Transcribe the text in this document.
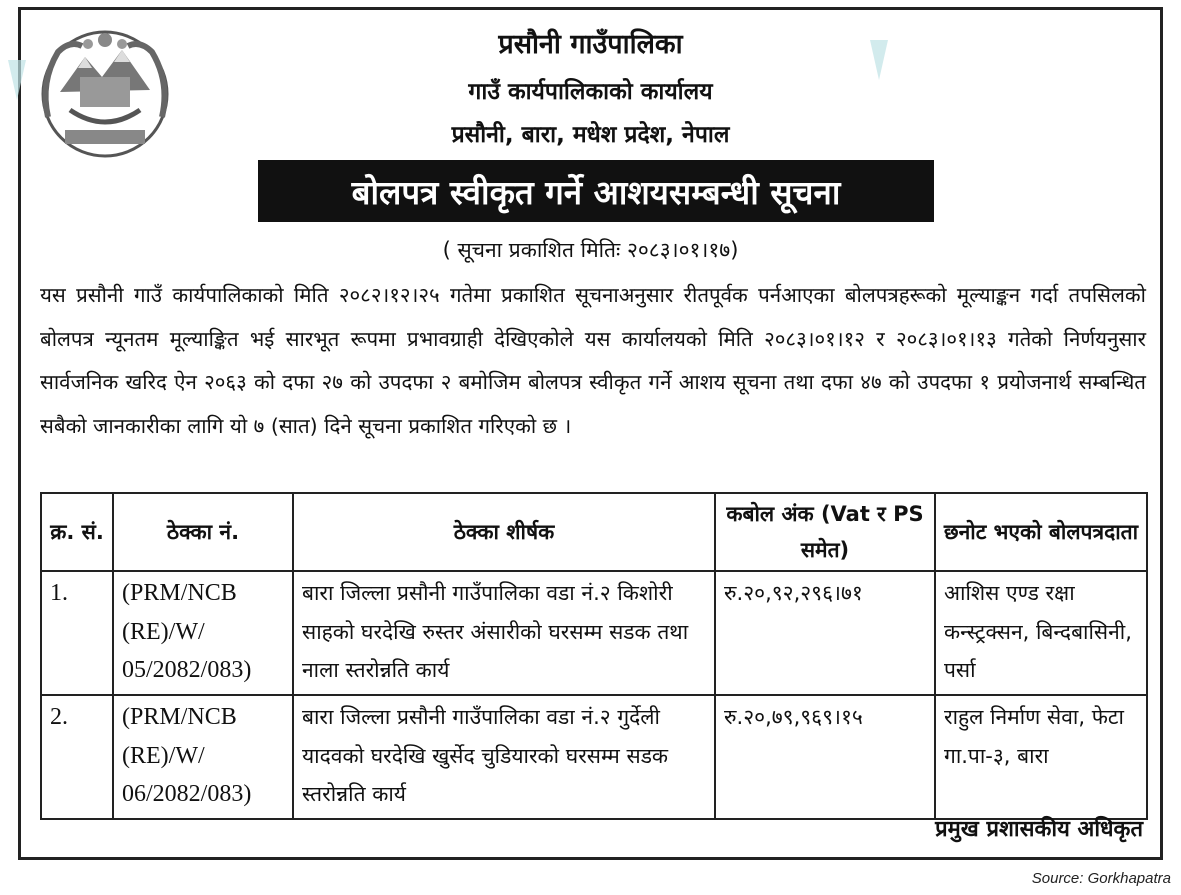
प्रसौनी गाउँपालिका
गाउँ कार्यपालिकाको कार्यालय
प्रसौनी, बारा, मधेश प्रदेश, नेपाल
बोलपत्र स्वीकृत गर्ने आशयसम्बन्धी सूचना
( सूचना प्रकाशित मितिः २०८३।०१।१७)
यस प्रसौनी गाउँ कार्यपालिकाको मिति २०८२।१२।२५ गतेमा प्रकाशित सूचनाअनुसार रीतपूर्वक पर्नआएका बोलपत्रहरूको मूल्याङ्कन गर्दा तपसिलको बोलपत्र न्यूनतम मूल्याङ्कित भई सारभूत रूपमा प्रभावग्राही देखिएकोले यस कार्यालयको मिति २०८३।०१।१२ र २०८३।०१।१३ गतेको निर्णयनुसार सार्वजनिक खरिद ऐन २०६३ को दफा २७ को उपदफा २ बमोजिम बोलपत्र स्वीकृत गर्ने आशय सूचना तथा दफा ४७ को उपदफा १ प्रयोजनार्थ सम्बन्धित सबैको जानकारीका लागि यो ७ (सात) दिने सूचना प्रकाशित गरिएको छ ।
क्र. सं.	ठेक्का नं.	ठेक्का शीर्षक	कबोल अंक (Vat र PS समेत)	छनोट भएको बोलपत्रदाता
1.	(PRM/NCB (RE)/W/ 05/2082/083)	बारा जिल्ला प्रसौनी गाउँपालिका वडा नं.२ किशोरी साहको घरदेखि रुस्तर अंसारीको घरसम्म सडक तथा नाला स्तरोन्नति कार्य	रु.२०,९२,२९६।७१	आशिस एण्ड रक्षा कन्स्ट्रक्सन, बिन्दबासिनी, पर्सा
2.	(PRM/NCB (RE)/W/ 06/2082/083)	बारा जिल्ला प्रसौनी गाउँपालिका वडा नं.२ गुर्देली यादवको घरदेखि खुर्सेद चुडियारको घरसम्म सडक स्तरोन्नति कार्य	रु.२०,७९,९६९।१५	राहुल निर्माण सेवा, फेटा गा.पा-३, बारा
प्रमुख प्रशासकीय अधिकृत
Source: Gorkhapatra
